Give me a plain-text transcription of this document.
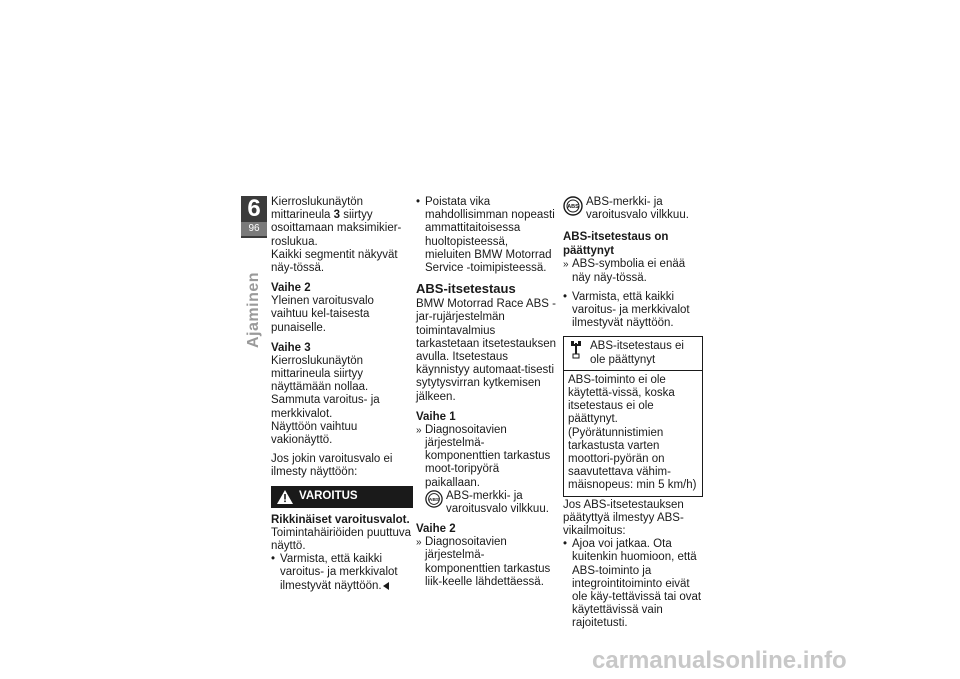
6
96
Ajaminen

Kierroslukunäytön mittarineula 3 siirtyy osoittamaan maksimikier-roslukua.

Kaikki segmentit näkyvät näy-tössä.

Vaihe 2

Yleinen varoitusvalo vaihtuu kel-taisesta punaiselle.

Vaihe 3

Kierroslukunäytön mittarineula siirtyy näyttämään nollaa.

Sammuta varoitus- ja merkkivalot.

Näyttöön vaihtuu vakionäyttö.

Jos jokin varoitusvalo ei ilmesty näyttöön:

VAROITUS

Rikkinäiset varoitusvalot.

Toimintahäiriöiden puuttuva näyttö.

• Varmista, että kaikki varoitus- ja merkkivalot ilmestyvät näyttöön.
• Poistata vika mahdollisimman nopeasti ammattitaitoisessa huoltopisteessä, mieluiten BMW Motorrad Service -toimipisteessä.
ABS-itsetestaus

BMW Motorrad Race ABS -jar-rujärjestelmän toimintavalmius tarkastetaan itsetestauksen avulla. Itsetestaus käynnistyy automaat-tisesti sytytysvirran kytkemisen jälkeen.

Vaihe 1
» Diagnosoitavien järjestelmä-komponenttien tarkastus moot-toripyörä paikallaan.
ABS ABS-merkki- ja varoitusvalo vilkkuu.
Vaihe 2
» Diagnosoitavien järjestelmä-komponenttien tarkastus liik-keelle lähdettäessä.
ABS ABS-merkki- ja varoitusvalo vilkkuu.
ABS-itsetestaus on päättynyt
» ABS-symbolia ei enää näy näy-tössä.
• Varmista, että kaikki varoitus- ja merkkivalot ilmestyvät näyttöön.
ABS-itsetestaus ei ole päättynyt
ABS-toiminto ei ole käytettä-vissä, koska itsetestaus ei ole päättynyt. (Pyörätunnistimien tarkastusta varten moottori-pyörän on saavutettava vähim-mäisnopeus: min 5 km/h)

Jos ABS-itsetestauksen päätyttyä ilmestyy ABS-vikailmoitus:

• Ajoa voi jatkaa. Ota kuitenkin huomioon, että ABS-toiminto ja integrointitoiminto eivät ole käy-tettävissä tai ovat käytettävissä vain rajoitetusti.
carmanualsonline.info
